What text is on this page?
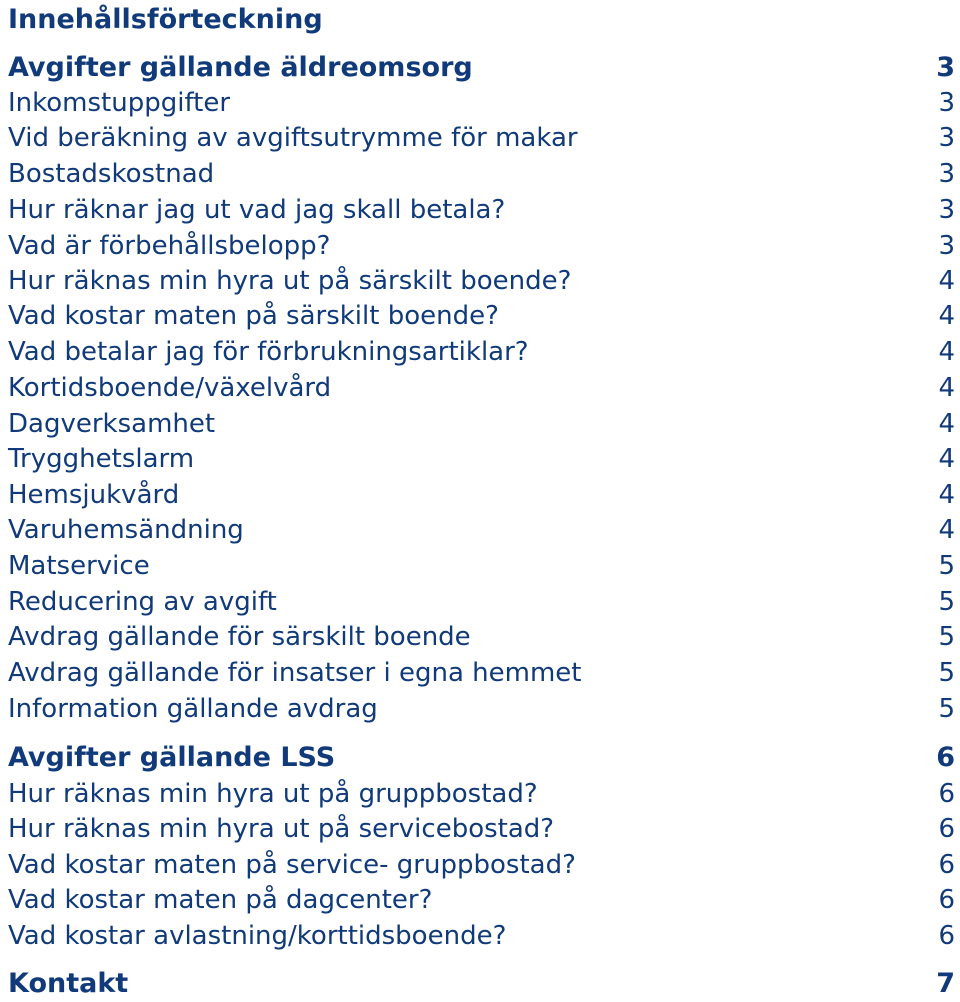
Innehållsförteckning
Avgifter gällande äldreomsorg	3
Inkomstuppgifter	3
Vid beräkning av avgiftsutrymme för makar	3
Bostadskostnad	3
Hur räknar jag ut vad jag skall betala?	3
Vad är förbehållsbelopp?	3
Hur räknas min hyra ut på särskilt boende?	4
Vad kostar maten på särskilt boende?	4
Vad betalar jag för förbrukningsartiklar?	4
Kortidsboende/växelvård	4
Dagverksamhet	4
Trygghetslarm	4
Hemsjukvård	4
Varuhemsändning	4
Matservice	5
Reducering av avgift	5
Avdrag gällande för särskilt boende	5
Avdrag gällande för insatser i egna hemmet	5
Information gällande avdrag	5
Avgifter gällande LSS	6
Hur räknas min hyra ut på gruppbostad?	6
Hur räknas min hyra ut på servicebostad?	6
Vad kostar maten på service- gruppbostad?	6
Vad kostar maten på dagcenter?	6
Vad kostar avlastning/korttidsboende?	6
Kontakt	7
